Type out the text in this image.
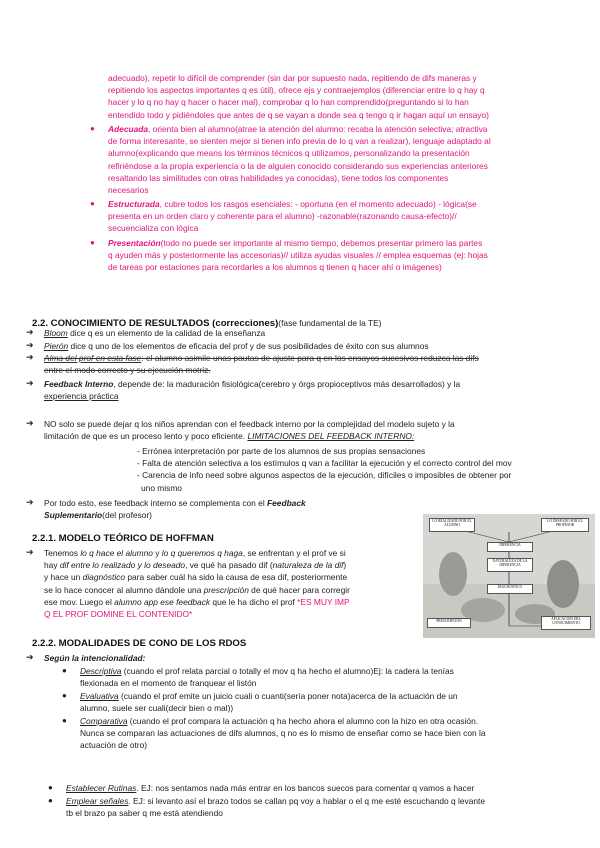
adecuado), repetir lo difícil de comprender (sin dar por supuesto nada, repitiendo de difs maneras y
repitiendo los aspectos importantes q es útil), ofrece ejs y contraejemplos (diferenciar entre lo q hay q
hacer y lo q no hay q hacer o hacer mal), comprobar q lo han comprendido(preguntando si lo han
entendido todo y pidiéndoles que antes de q se vayan a donde sea q tengo q ir hagan aquí un ensayo)
● Adecuada, orienta bien al alumno(atrae la atención del alumno: recaba la atención selectiva; atractiva
de forma interesante, se sienten mejor si tienen info previa de lo q van a realizar), lenguaje adaptado al
alumno(explicando que means los términos técnicos q utilizamos, personalizando la presentación
refiriéndose a la propia experiencia o la de alguien conocido considerando sus experiencias anteriores
resaltando las similitudes con otras habilidades ya conocidas), tiene todos los componentes
necesarios
● Estructurada, cubre todos los rasgos esenciales: - oportuna (en el momento adecuado) - lógica(se
presenta en un orden claro y coherente para el alumno) -razonable(razonando causa-efecto)//
secuencializa con lógica
● Presentación(todo no puede ser importante al mismo tiempo, debemos presentar primero las partes
q ayuden más y posteriormente las accesorias)// utiliza ayudas visuales // emplea esquemas (ej: hojas
de tareas por estaciones para recordarles a los alumnos q tienen q hacer ahí o imágenes)
2.2. CONOCIMIENTO DE RESULTADOS (correcciones)(fase fundamental de la TE)
➔ Bloom dice q es un elemento de la calidad de la enseñanza
➔ Pierón dice q uno de los elementos de eficacia del prof y de sus posibilidades de éxito con sus alumnos
➔ Alma del prof en esta fase: el alumno asimile unas pautas de ajuste para q en los ensayos sucesivos reduzca las difs
entre el modo correcto y su ejecución motriz.
➔ Feedback Interno, depende de: la maduración fisiológica(cerebro y órgs propioceptivos más desarrollados) y la
experiencia práctica
➔ NO solo se puede dejar q los niños aprendan con el feedback interno por la complejidad del modelo sujeto y la
limitación de que es un proceso lento y poco eficiente. LIMITACIONES DEL FEEDBACK INTERNO:
- Errónea interpretación por parte de los alumnos de sus propias sensaciones
- Falta de atención selectiva a los estímulos q van a facilitar la ejecución y el correcto control del mov
- Carencia de info need sobre algunos aspectos de la ejecución, difíciles o imposibles de obtener por
uno mismo
➔ Por todo esto, ese feedback interno se complementa con el Feedback
Suplementario(del profesor)
2.2.1. MODELO TEÓRICO DE HOFFMAN
➔ Tenemos lo q hace el alumno y lo q queremos q haga, se enfrentan y el prof ve si
hay dif entre lo realizado y lo deseado, ve qué ha pasado dif (naturaleza de la dif)
y hace un diagnóstico para saber cuál ha sido la causa de esa dif, posteriormente
se lo hace conocer al alumno dándole una prescripción de qué hacer para corregir
ese mov. Luego el alumno app ese feedback que le ha dicho el prof *ES MUY IMP
Q EL PROF DOMINE EL CONTENIDO*
LO REALIZADO POR EL ALUMNO
LO DESEADO POR EL PROFESOR
DIFERENCIA
NATURALEZA DE LA DIFERENCIA
DIAGNÓSTICO
PRESCRIPCIÓN	APLICACIÓN DEL CONOCIMIENTO
2.2.2. MODALIDADES DE CONO DE LOS RDOS
➔ Según la intencionalidad:
● Descriptiva (cuando el prof relata parcial o totally el mov q ha hecho el alumno)Ej: la cadera la tenías
flexionada en el momento de franquear el listón
● Evaluativa (cuando el prof emite un juicio cuali o cuanti(sería poner nota)acerca de la actuación de un
alumno, suele ser cuali(decir bien o mal))
● Comparativa (cuando el prof compara la actuación q ha hecho ahora el alumno con la hizo en otra ocasión.
Nunca se comparan las actuaciones de difs alumnos, q no es lo mismo de enseñar como se hace bien con la
actuación de otro)
● Establecer Rutinas. EJ: nos sentamos nada más entrar en los bancos suecos para comentar q vamos a hacer
● Emplear señales. EJ: si levanto así el brazo todos se callan pq voy a hablar o el q me esté escuchando q levante
tb el brazo pa saber q me está atendiendo
